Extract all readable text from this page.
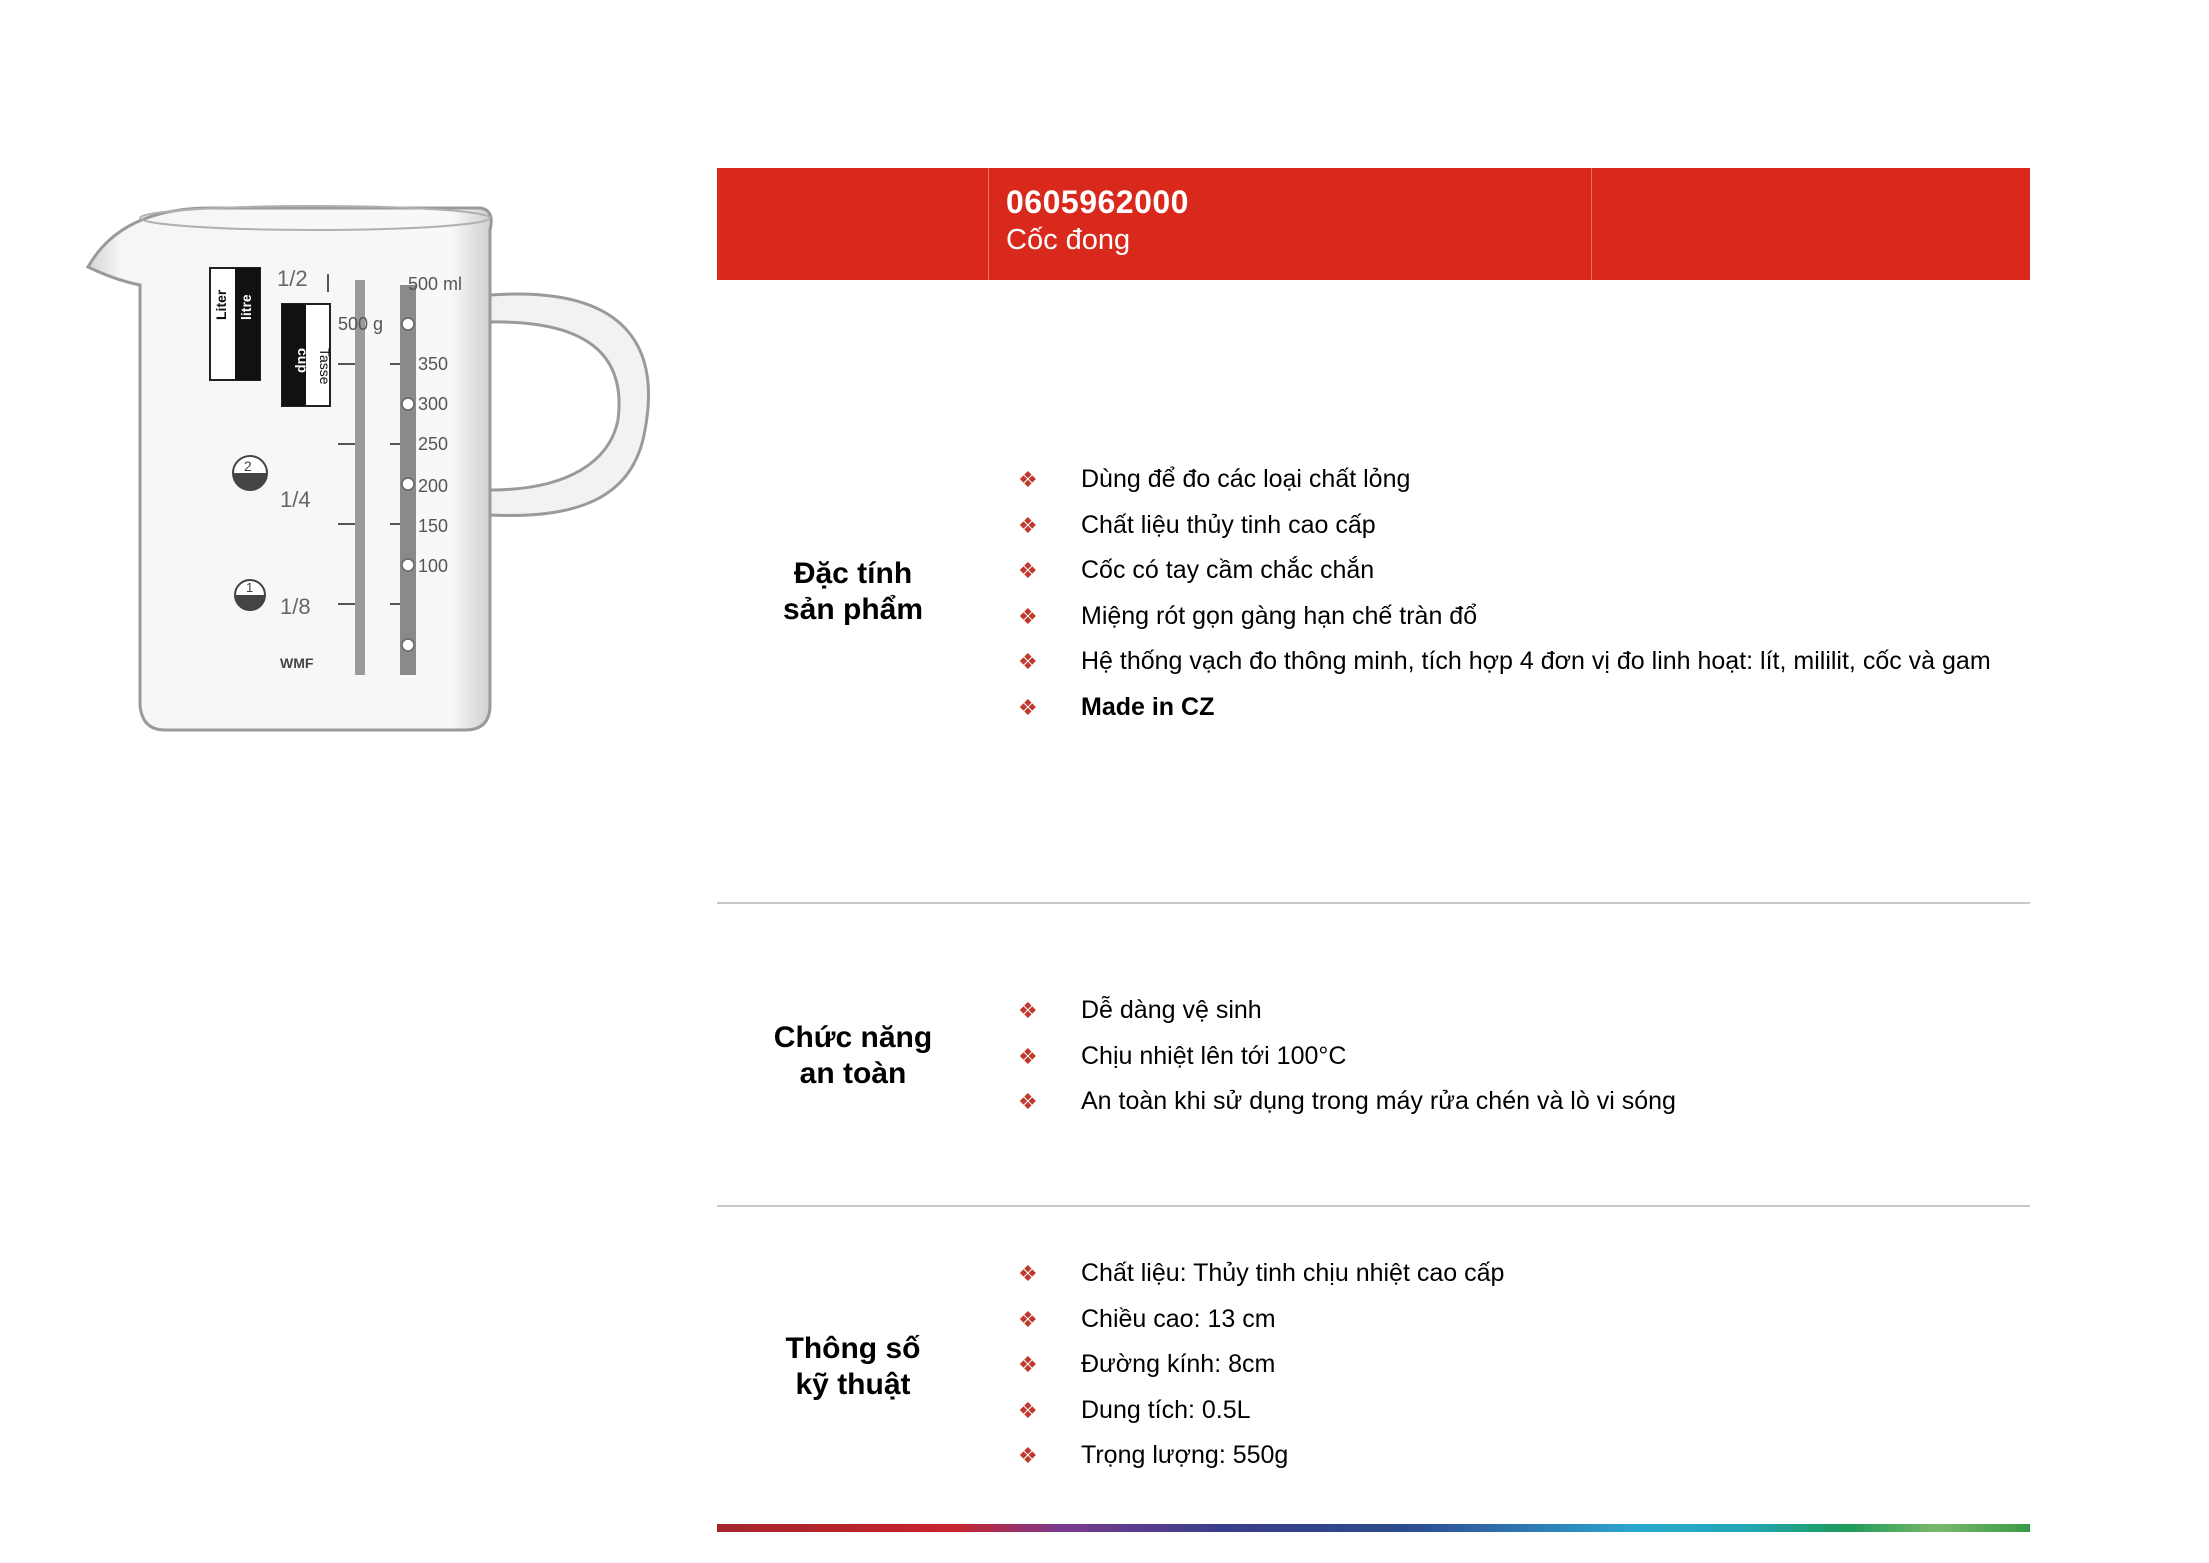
Liter litre
cup Tasse
1/2
1/4
1/8
2
1
500 ml
350
300
250
200
150
100
500 g
WMF
0605962000
Cốc đong
Đặc tính
sản phẩm
❖ Dùng để đo các loại chất lỏng
❖ Chất liệu thủy tinh cao cấp
❖ Cốc có tay cầm chắc chắn
❖ Miệng rót gọn gàng hạn chế tràn đổ
❖ Hệ thống vạch đo thông minh, tích hợp 4 đơn vị đo linh hoạt: lít, mililit, cốc và gam
❖ Made in CZ
Chức năng
an toàn
❖ Dễ dàng vệ sinh
❖ Chịu nhiệt lên tới 100°C
❖ An toàn khi sử dụng trong máy rửa chén và lò vi sóng
Thông số
kỹ thuật
❖ Chất liệu: Thủy tinh chịu nhiệt cao cấp
❖ Chiều cao: 13 cm
❖ Đường kính: 8cm
❖ Dung tích: 0.5L
❖ Trọng lượng: 550g
